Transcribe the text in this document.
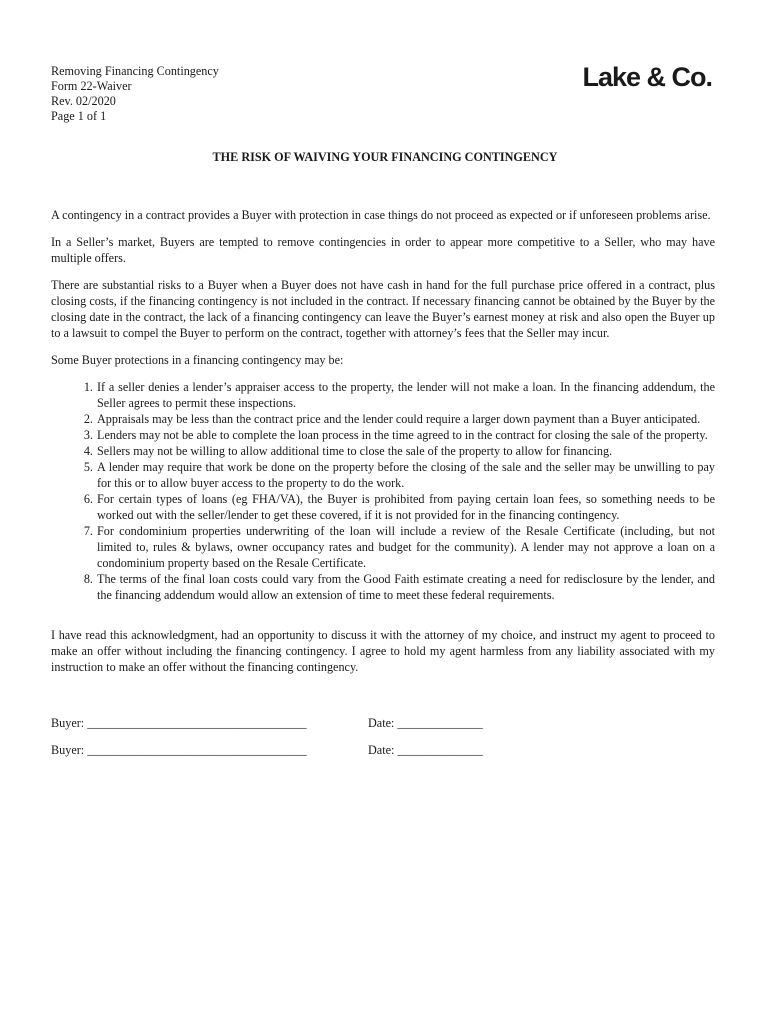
Removing Financing Contingency
Form 22-Waiver
Rev. 02/2020
Page 1 of 1
Lake & Co.
THE RISK OF WAIVING YOUR FINANCING CONTINGENCY

A contingency in a contract provides a Buyer with protection in case things do not proceed as expected or if unforeseen problems arise.

In a Seller’s market, Buyers are tempted to remove contingencies in order to appear more competitive to a Seller, who may have multiple offers.

There are substantial risks to a Buyer when a Buyer does not have cash in hand for the full purchase price offered in a contract, plus closing costs, if the financing contingency is not included in the contract. If necessary financing cannot be obtained by the Buyer by the closing date in the contract, the lack of a financing contingency can leave the Buyer’s earnest money at risk and also open the Buyer up to a lawsuit to compel the Buyer to perform on the contract, together with attorney’s fees that the Seller may incur.

Some Buyer protections in a financing contingency may be:

1. If a seller denies a lender’s appraiser access to the property, the lender will not make a loan. In the financing addendum, the Seller agrees to permit these inspections.
2. Appraisals may be less than the contract price and the lender could require a larger down payment than a Buyer anticipated.
3. Lenders may not be able to complete the loan process in the time agreed to in the contract for closing the sale of the property.
4. Sellers may not be willing to allow additional time to close the sale of the property to allow for financing.
5. A lender may require that work be done on the property before the closing of the sale and the seller may be unwilling to pay for this or to allow buyer access to the property to do the work.
6. For certain types of loans (eg FHA/VA), the Buyer is prohibited from paying certain loan fees, so something needs to be worked out with the seller/lender to get these covered, if it is not provided for in the financing contingency.
7. For condominium properties underwriting of the loan will include a review of the Resale Certificate (including, but not limited to, rules & bylaws, owner occupancy rates and budget for the community). A lender may not approve a loan on a condominium property based on the Resale Certificate.
8. The terms of the final loan costs could vary from the Good Faith estimate creating a need for redisclosure by the lender, and the financing addendum would allow an extension of time to meet these federal requirements.

I have read this acknowledgment, had an opportunity to discuss it with the attorney of my choice, and instruct my agent to proceed to make an offer without including the financing contingency. I agree to hold my agent harmless from any liability associated with my instruction to make an offer without the financing contingency.

Buyer: ____________________________________	Date: ______________
Buyer: ____________________________________	Date: ______________
